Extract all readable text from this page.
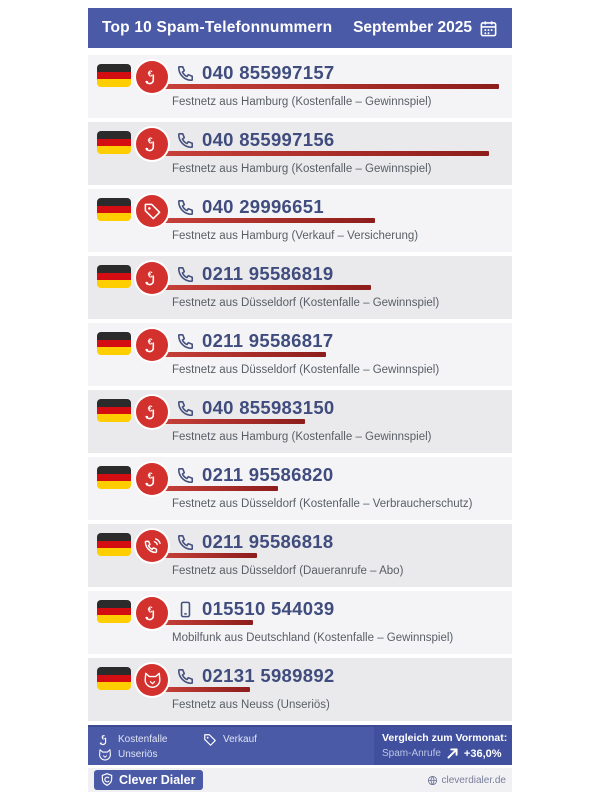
Top 10 Spam-Telefonnummern September 2025
€	040 855997157
Festnetz aus Hamburg (Kostenfalle – Gewinnspiel)
€	040 855997156
Festnetz aus Hamburg (Kostenfalle – Gewinnspiel)
040 29996651
Festnetz aus Hamburg (Verkauf – Versicherung)
€	0211 95586819
Festnetz aus Düsseldorf (Kostenfalle – Gewinnspiel)
€	0211 95586817
Festnetz aus Düsseldorf (Kostenfalle – Gewinnspiel)
€	040 855983150
Festnetz aus Hamburg (Kostenfalle – Gewinnspiel)
€	0211 95586820
Festnetz aus Düsseldorf (Kostenfalle – Verbraucherschutz)
0211 95586818
Festnetz aus Düsseldorf (Daueranrufe – Abo)
€	015510 544039
Mobilfunk aus Deutschland (Kostenfalle – Gewinnspiel)
02131 5989892
Festnetz aus Neuss (Unseriös)
€ Kostenfalle	Verkauf
Unseriös
Vergleich zum Vormonat:
Spam-Anrufe +36,0%
Clever Dialer	cleverdialer.de
